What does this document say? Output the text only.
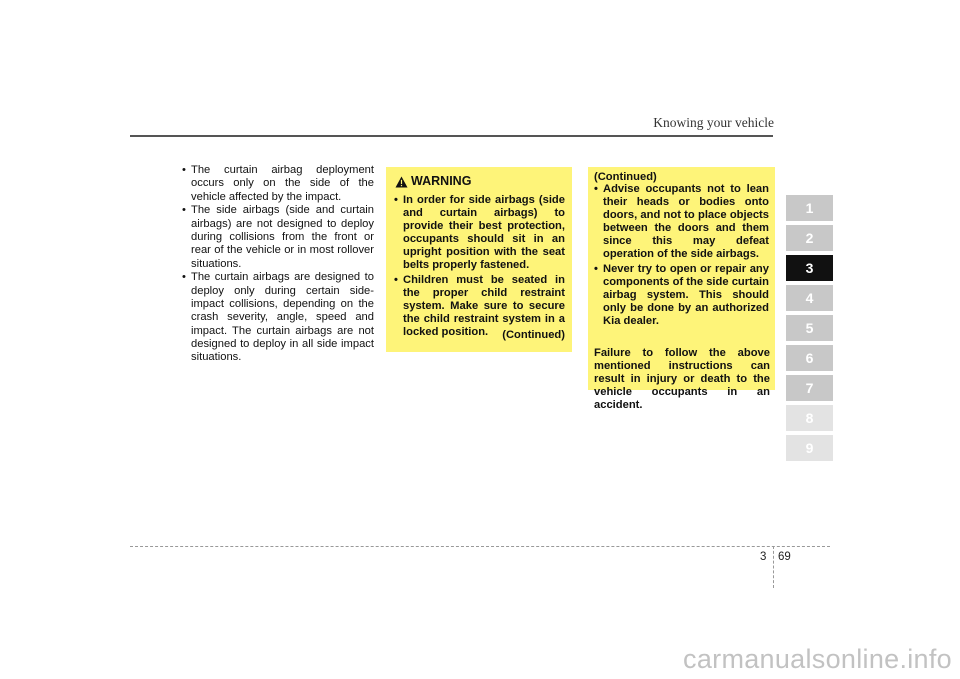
Knowing your vehicle
• The curtain airbag deployment occurs only on the side of the vehicle affected by the impact.
• The side airbags (side and curtain airbags) are not designed to deploy during collisions from the front or rear of the vehicle or in most rollover situations.
• The curtain airbags are designed to deploy only during certain side-impact collisions, depending on the crash severity, angle, speed and impact. The curtain airbags are not designed to deploy in all side impact situations.
WARNING
• In order for side airbags (side and curtain airbags) to provide their best protection, occupants should sit in an upright position with the seat belts properly fastened.
• Children must be seated in the proper child restraint system. Make sure to secure the child restraint system in a locked position.	(Continued)
(Continued)
• Advise occupants not to lean their heads or bodies onto doors, and not to place objects between the doors and them since this may defeat operation of the side airbags.
• Never try to open or repair any components of the side curtain airbag system. This should only be done by an authorized Kia dealer.
Failure to follow the above mentioned instructions can result in injury or death to the vehicle occupants in an accident.
1
2
3
4
5
6
7
8
9
3 69
carmanualsonline.info
